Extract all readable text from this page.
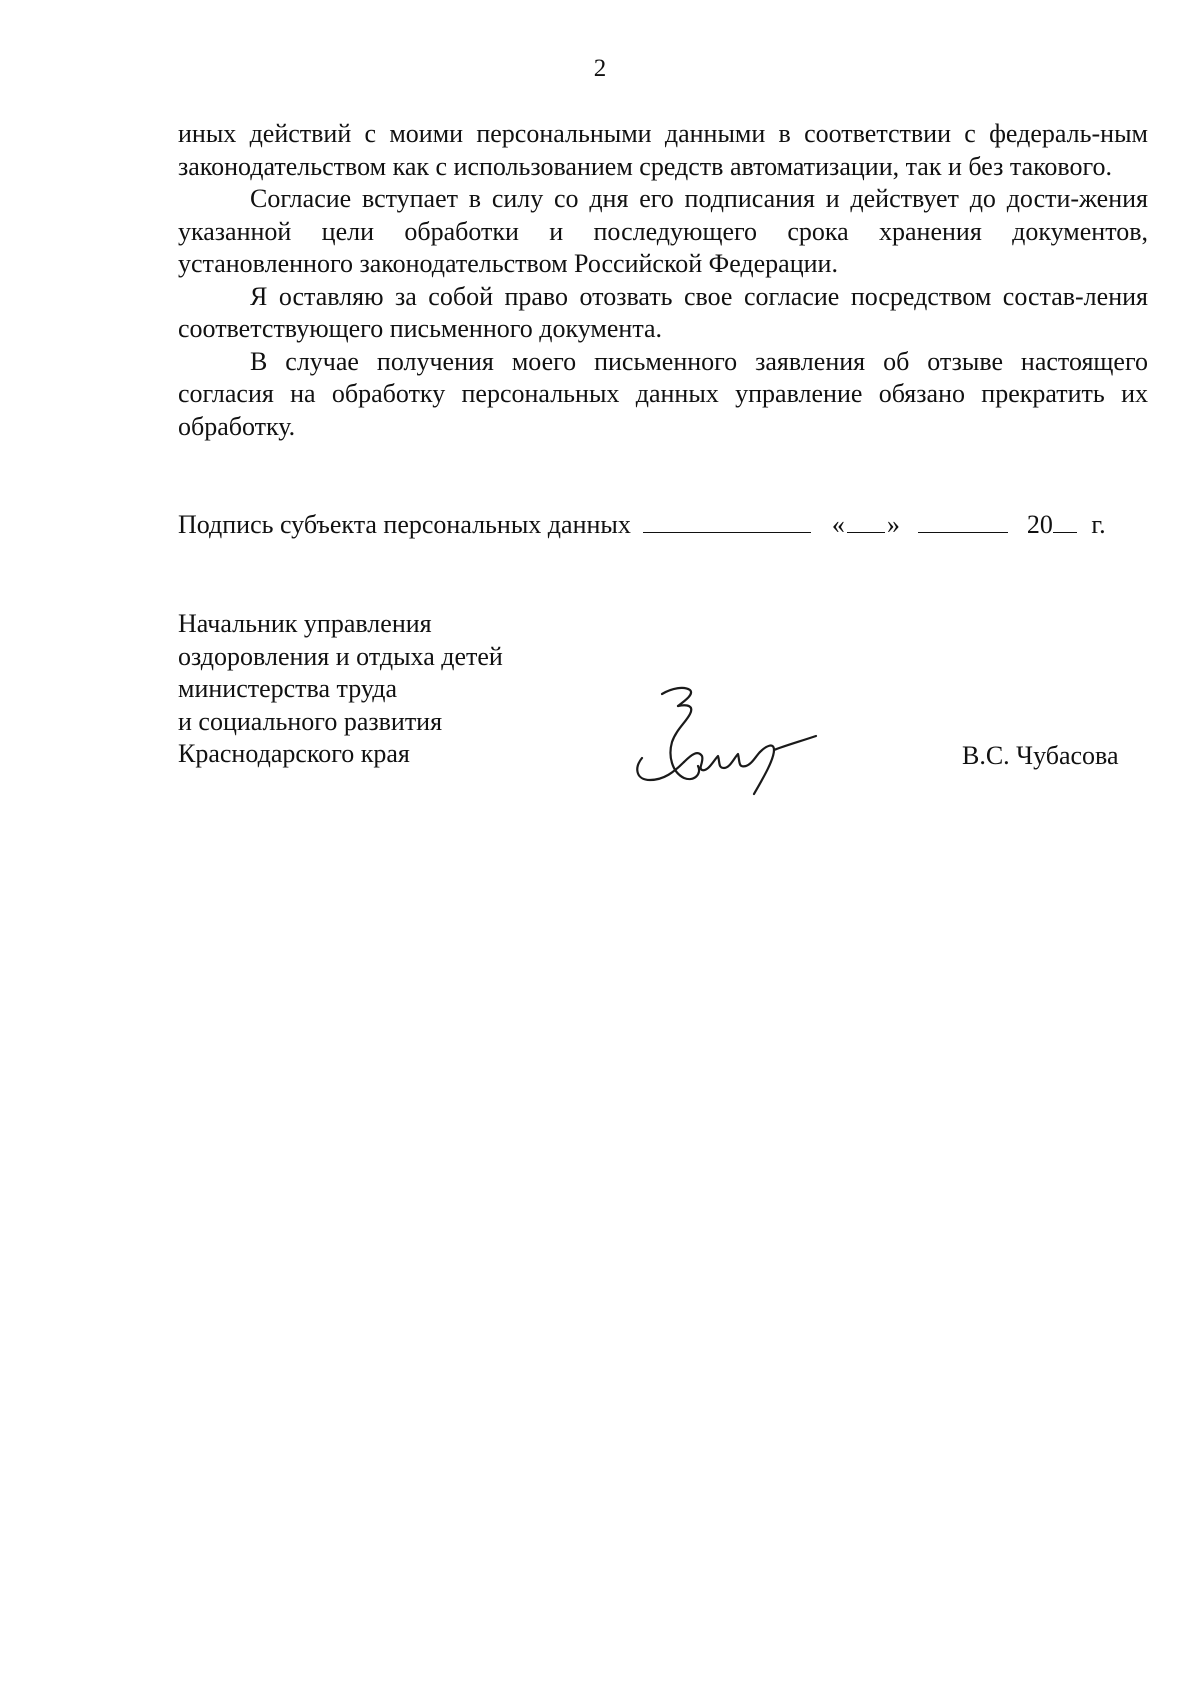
2

иных действий с моими персональными данными в соответствии с федераль-ным законодательством как с использованием средств автоматизации, так и без такового.

Согласие вступает в силу со дня его подписания и действует до дости-жения указанной цели обработки и последующего срока хранения документов, установленного законодательством Российской Федерации.

Я оставляю за собой право отозвать свое согласие посредством состав-ления соответствующего письменного документа.

В случае получения моего письменного заявления об отзыве настоящего согласия на обработку персональных данных управление обязано прекратить их обработку.

Подпись субъекта персональных данных	« »	20 г.
Начальник управления
оздоровления и отдыха детей
министерства труда
и социального развития
Краснодарского края	В.С. Чубасова
